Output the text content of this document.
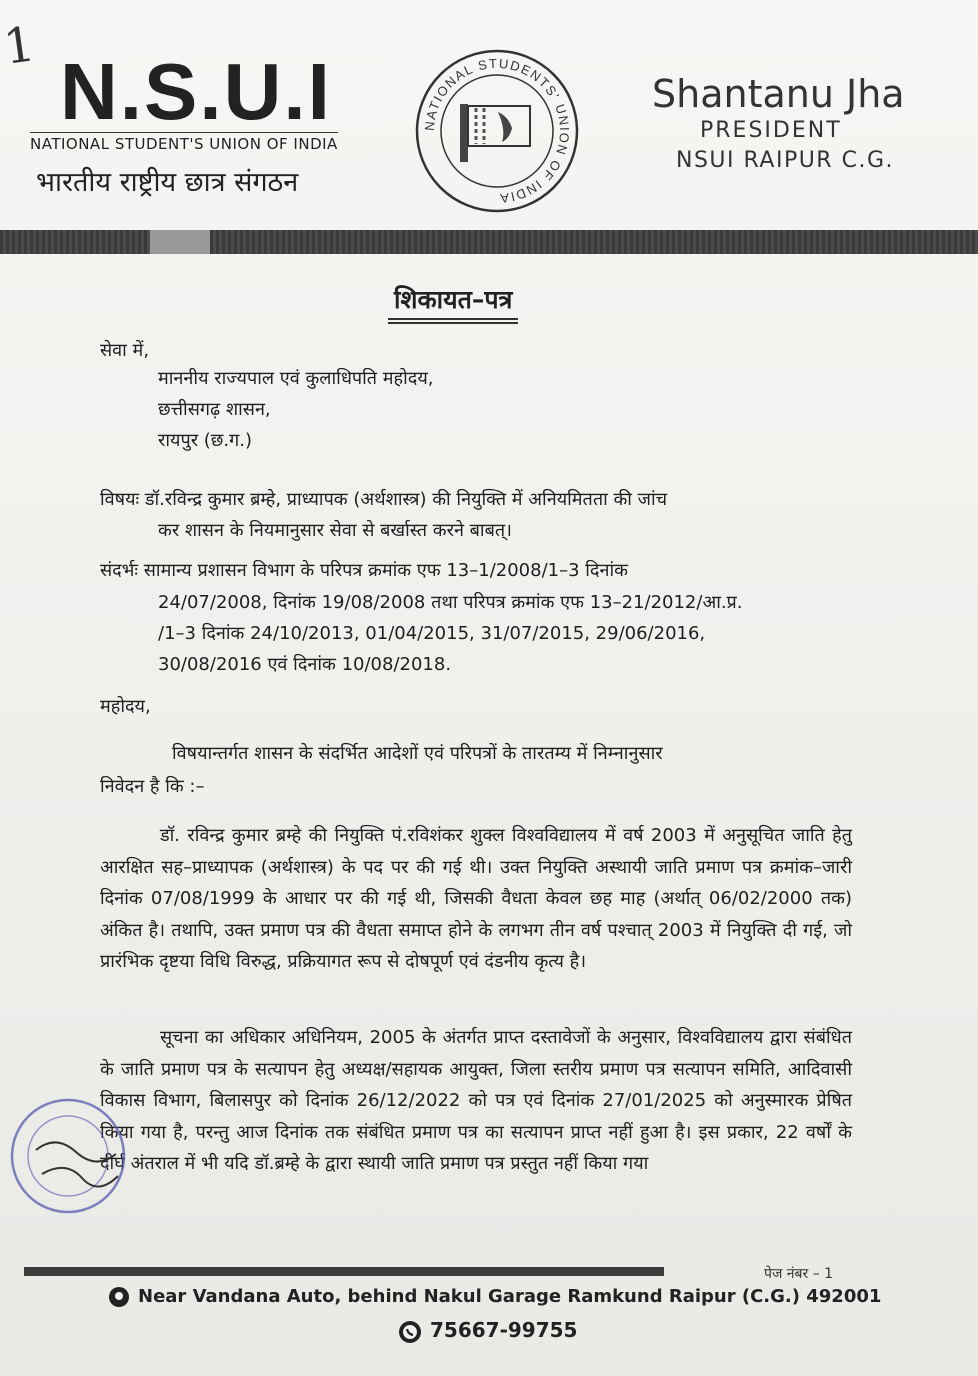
1
N.S.U.I
NATIONAL STUDENT'S UNION OF INDIA
भारतीय राष्ट्रीय छात्र संगठन
NATIONAL STUDENTS' UNION OF INDIA
Shantanu Jha
PRESIDENT
NSUI RAIPUR C.G.
शिकायत–पत्र
सेवा में,
माननीय राज्यपाल एवं कुलाधिपति महोदय,
छत्तीसगढ़ शासन,
रायपुर (छ.ग.)
विषयः डॉ.रविन्द्र कुमार ब्रम्हे, प्राध्यापक (अर्थशास्त्र) की नियुक्ति में अनियमितता की जांच
कर शासन के नियमानुसार सेवा से बर्खास्त करने बाबत्।
संदर्भः सामान्य प्रशासन विभाग के परिपत्र क्रमांक एफ 13–1/2008/1–3 दिनांक
24/07/2008, दिनांक 19/08/2008 तथा परिपत्र क्रमांक एफ 13–21/2012/आ.प्र.
/1–3 दिनांक 24/10/2013, 01/04/2015, 31/07/2015, 29/06/2016,
30/08/2016 एवं दिनांक 10/08/2018.
महोदय,
विषयान्तर्गत शासन के संदर्भित आदेशों एवं परिपत्रों के तारतम्य में निम्नानुसार
निवेदन है कि :–
डॉ. रविन्द्र कुमार ब्रम्हे की नियुक्ति पं.रविशंकर शुक्ल विश्वविद्यालय में वर्ष 2003 में अनुसूचित जाति हेतु आरक्षित सह–प्राध्यापक (अर्थशास्त्र) के पद पर की गई थी। उक्त नियुक्ति अस्थायी जाति प्रमाण पत्र क्रमांक–जारी दिनांक 07/08/1999 के आधार पर की गई थी, जिसकी वैधता केवल छह माह (अर्थात् 06/02/2000 तक) अंकित है। तथापि, उक्त प्रमाण पत्र की वैधता समाप्त होने के लगभग तीन वर्ष पश्चात् 2003 में नियुक्ति दी गई, जो प्रारंभिक दृष्टया विधि विरुद्ध, प्रक्रियागत रूप से दोषपूर्ण एवं दंडनीय कृत्य है।
सूचना का अधिकार अधिनियम, 2005 के अंतर्गत प्राप्त दस्तावेजों के अनुसार, विश्वविद्यालय द्वारा संबंधित के जाति प्रमाण पत्र के सत्यापन हेतु अध्यक्ष/सहायक आयुक्त, जिला स्तरीय प्रमाण पत्र सत्यापन समिति, आदिवासी विकास विभाग, बिलासपुर को दिनांक 26/12/2022 को पत्र एवं दिनांक 27/01/2025 को अनुस्मारक प्रेषित किया गया है, परन्तु आज दिनांक तक संबंधित प्रमाण पत्र का सत्यापन प्राप्त नहीं हुआ है। इस प्रकार, 22 वर्षों के दीर्घ अंतराल में भी यदि डॉ.ब्रम्हे के द्वारा स्थायी जाति प्रमाण पत्र प्रस्तुत नहीं किया गया
पेज नंबर – 1
Near Vandana Auto, behind Nakul Garage Ramkund Raipur (C.G.) 492001
75667-99755
